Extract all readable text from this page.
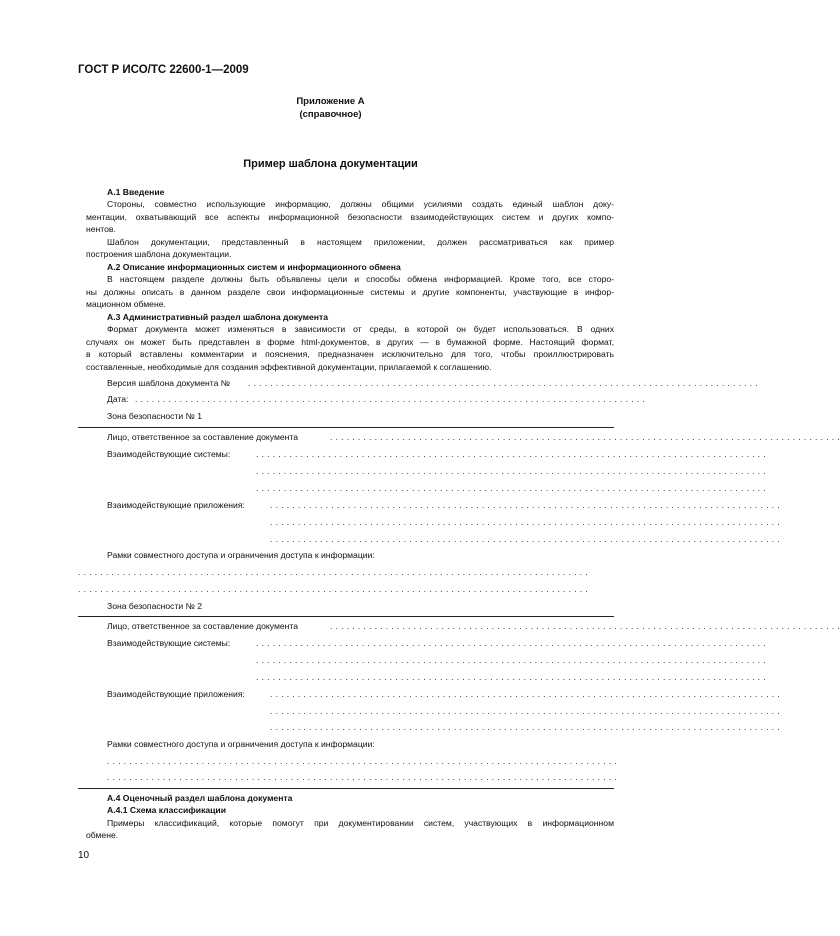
ГОСТ Р ИСО/ТС 22600-1—2009
Приложение А
(справочное)
Пример шаблона документации
А.1 Введение

Стороны, совместно использующие информацию, должны общими усилиями создать единый шаблон доку-

ментации, охватывающий все аспекты информационной безопасности взаимодействующих систем и других компо-

нентов.

Шаблон документации, представленный в настоящем приложении, должен рассматриваться как пример

построения шаблона документации.

А.2 Описание информационных систем и информационного обмена

В настоящем разделе должны быть объявлены цели и способы обмена информацией. Кроме того, все сторо-

ны должны описать в данном разделе свои информационные системы и другие компоненты, участвующие в инфор-

мационном обмене.

А.3 Административный раздел шаблона документа

Формат документа может изменяться в зависимости от среды, в которой он будет использоваться. В одних

случаях он может быть представлен в форме html-документов, в других — в бумажной форме. Настоящий формат,

в который вставлены комментарии и пояснения, предназначен исключительно для того, чтобы проиллюстрировать

составленные, необходимые для создания эффективной документации, прилагаемой к соглашению.

Версия шаблона документа № . . . . . . . . . . . . . . . . . . . . . . . . . . . . . . . . . . . . . . . . . . . . . . . . . . . . . . . . . . . . . . . . . . . . . . . . . . . . . . . . . . . . . . . . . . . .
Дата: . . . . . . . . . . . . . . . . . . . . . . . . . . . . . . . . . . . . . . . . . . . . . . . . . . . . . . . . . . . . . . . . . . . . . . . . . . . . . . . . . . . . . . . . . . . .
Зона безопасности № 1
Лицо, ответственное за составление документа	. . . . . . . . . . . . . . . . . . . . . . . . . . . . . . . . . . . . . . . . . . . . . . . . . . . . . . . . . . . . . . . . . . . . . . . . . . . . . . . . . . . . . . . . . . . .
Взаимодействующие системы:	. . . . . . . . . . . . . . . . . . . . . . . . . . . . . . . . . . . . . . . . . . . . . . . . . . . . . . . . . . . . . . . . . . . . . . . . . . . . . . . . . . . . . . . . . . . .
. . . . . . . . . . . . . . . . . . . . . . . . . . . . . . . . . . . . . . . . . . . . . . . . . . . . . . . . . . . . . . . . . . . . . . . . . . . . . . . . . . . . . . . . . . . .
. . . . . . . . . . . . . . . . . . . . . . . . . . . . . . . . . . . . . . . . . . . . . . . . . . . . . . . . . . . . . . . . . . . . . . . . . . . . . . . . . . . . . . . . . . . .
Взаимодействующие приложения:	. . . . . . . . . . . . . . . . . . . . . . . . . . . . . . . . . . . . . . . . . . . . . . . . . . . . . . . . . . . . . . . . . . . . . . . . . . . . . . . . . . . . . . . . . . . .
. . . . . . . . . . . . . . . . . . . . . . . . . . . . . . . . . . . . . . . . . . . . . . . . . . . . . . . . . . . . . . . . . . . . . . . . . . . . . . . . . . . . . . . . . . . .
. . . . . . . . . . . . . . . . . . . . . . . . . . . . . . . . . . . . . . . . . . . . . . . . . . . . . . . . . . . . . . . . . . . . . . . . . . . . . . . . . . . . . . . . . . . .
Рамки совместного доступа и ограничения доступа к информации:
. . . . . . . . . . . . . . . . . . . . . . . . . . . . . . . . . . . . . . . . . . . . . . . . . . . . . . . . . . . . . . . . . . . . . . . . . . . . . . . . . . . . . . . . . . . .
. . . . . . . . . . . . . . . . . . . . . . . . . . . . . . . . . . . . . . . . . . . . . . . . . . . . . . . . . . . . . . . . . . . . . . . . . . . . . . . . . . . . . . . . . . . .
Зона безопасности № 2
Лицо, ответственное за составление документа	. . . . . . . . . . . . . . . . . . . . . . . . . . . . . . . . . . . . . . . . . . . . . . . . . . . . . . . . . . . . . . . . . . . . . . . . . . . . . . . . . . . . . . . . . . . .
Взаимодействующие системы:	. . . . . . . . . . . . . . . . . . . . . . . . . . . . . . . . . . . . . . . . . . . . . . . . . . . . . . . . . . . . . . . . . . . . . . . . . . . . . . . . . . . . . . . . . . . .
. . . . . . . . . . . . . . . . . . . . . . . . . . . . . . . . . . . . . . . . . . . . . . . . . . . . . . . . . . . . . . . . . . . . . . . . . . . . . . . . . . . . . . . . . . . .
. . . . . . . . . . . . . . . . . . . . . . . . . . . . . . . . . . . . . . . . . . . . . . . . . . . . . . . . . . . . . . . . . . . . . . . . . . . . . . . . . . . . . . . . . . . .
Взаимодействующие приложения:	. . . . . . . . . . . . . . . . . . . . . . . . . . . . . . . . . . . . . . . . . . . . . . . . . . . . . . . . . . . . . . . . . . . . . . . . . . . . . . . . . . . . . . . . . . . .
. . . . . . . . . . . . . . . . . . . . . . . . . . . . . . . . . . . . . . . . . . . . . . . . . . . . . . . . . . . . . . . . . . . . . . . . . . . . . . . . . . . . . . . . . . . .
. . . . . . . . . . . . . . . . . . . . . . . . . . . . . . . . . . . . . . . . . . . . . . . . . . . . . . . . . . . . . . . . . . . . . . . . . . . . . . . . . . . . . . . . . . . .
Рамки совместного доступа и ограничения доступа к информации:
. . . . . . . . . . . . . . . . . . . . . . . . . . . . . . . . . . . . . . . . . . . . . . . . . . . . . . . . . . . . . . . . . . . . . . . . . . . . . . . . . . . . . . . . . . . .
. . . . . . . . . . . . . . . . . . . . . . . . . . . . . . . . . . . . . . . . . . . . . . . . . . . . . . . . . . . . . . . . . . . . . . . . . . . . . . . . . . . . . . . . . . . .
А.4 Оценочный раздел шаблона документа
А.4.1 Схема классификации

Примеры классификаций, которые помогут при документировании систем, участвующих в информационном

обмене.

10
